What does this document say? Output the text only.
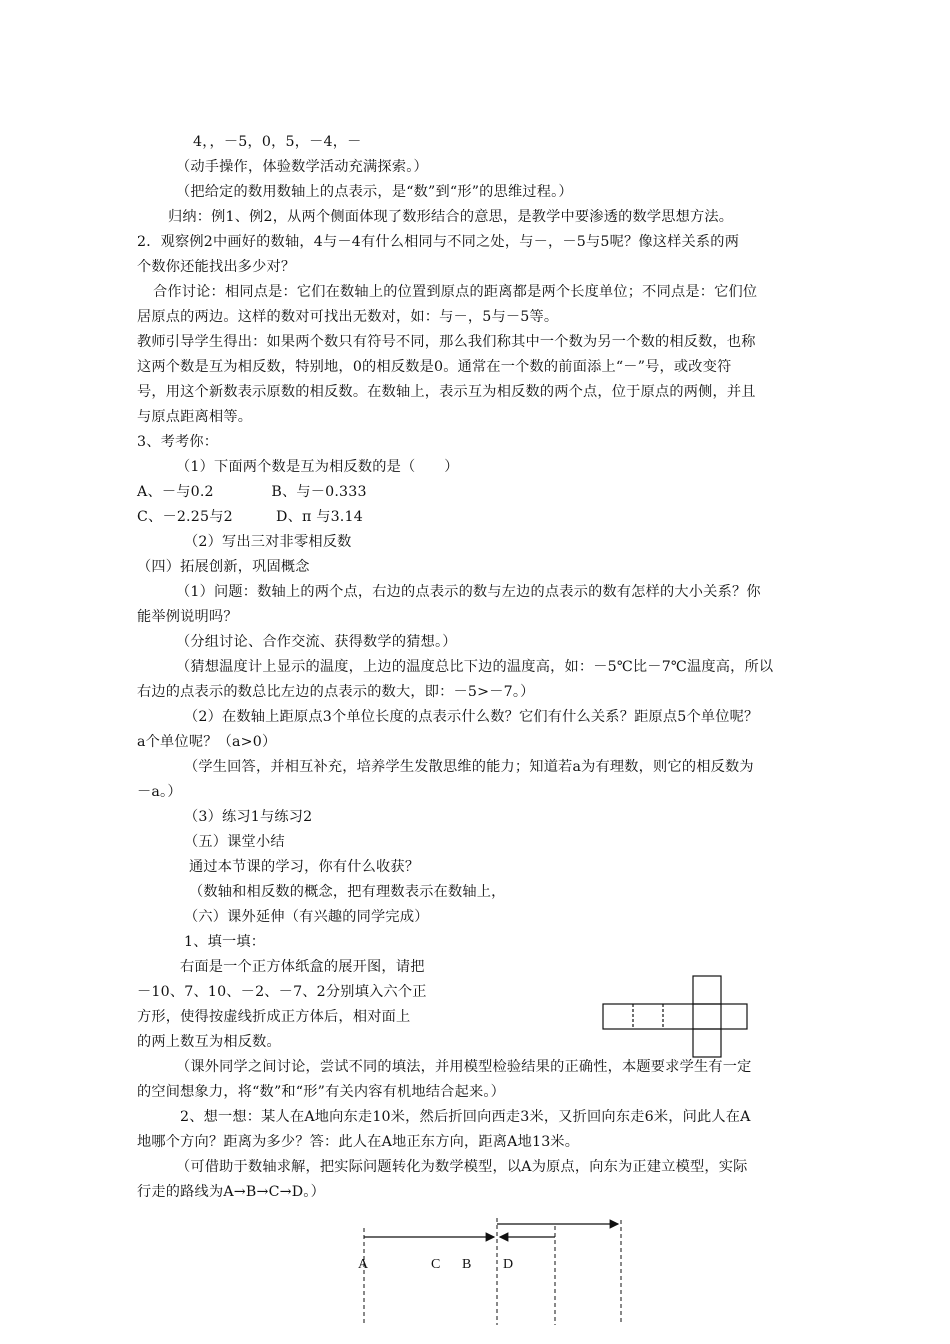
4，，－5，0，5，－4，－
（动手操作，体验数学活动充满探索。）
（把给定的数用数轴上的点表示，是“数”到“形”的思维过程。）
归纳：例1、例2，从两个侧面体现了数形结合的意思，是教学中要渗透的数学思想方法。
2．观察例2中画好的数轴，4与－4有什么相同与不同之处，与－，－5与5呢？像这样关系的两
个数你还能找出多少对？
合作讨论：相同点是：它们在数轴上的位置到原点的距离都是两个长度单位；不同点是：它们位
居原点的两边。这样的数对可找出无数对，如：与－，5与－5等。
教师引导学生得出：如果两个数只有符号不同，那么我们称其中一个数为另一个数的相反数，也称
这两个数是互为相反数，特别地，0的相反数是0。通常在一个数的前面添上“－”号，或改变符
号，用这个新数表示原数的相反数。在数轴上，表示互为相反数的两个点，位于原点的两侧，并且
与原点距离相等。
3、考考你：
（1）下面两个数是互为相反数的是（　　）
A、－与0.2　　　　B、与－0.333
C、－2.25与2　　　D、π 与3.14
（2）写出三对非零相反数
（四）拓展创新，巩固概念
（1）问题：数轴上的两个点，右边的点表示的数与左边的点表示的数有怎样的大小关系？你
能举例说明吗？
（分组讨论、合作交流、获得数学的猜想。）
（猜想温度计上显示的温度，上边的温度总比下边的温度高，如：－5℃比－7℃温度高，所以
右边的点表示的数总比左边的点表示的数大，即：－5>－7。）
（2）在数轴上距原点3个单位长度的点表示什么数？它们有什么关系？距原点5个单位呢？
a个单位呢？（a>0）
（学生回答，并相互补充，培养学生发散思维的能力；知道若a为有理数，则它的相反数为
－a。）
（3）练习1与练习2
（五）课堂小结
通过本节课的学习，你有什么收获？
（数轴和相反数的概念，把有理数表示在数轴上，
（六）课外延伸（有兴趣的同学完成）
1、填一填：
右面是一个正方体纸盒的展开图，请把
－10、7、10、－2、－7、2分别填入六个正
方形，使得按虚线折成正方体后，相对面上
的两上数互为相反数。
（课外同学之间讨论，尝试不同的填法，并用模型检验结果的正确性，本题要求学生有一定
的空间想象力，将“数”和“形”有关内容有机地结合起来。）
2、想一想：某人在A地向东走10米，然后折回向西走3米，又折回向东走6米，问此人在A
地哪个方向？距离为多少？答：此人在A地正东方向，距离A地13米。
（可借助于数轴求解，把实际问题转化为数学模型，以A为原点，向东为正建立模型，实际
行走的路线为A→B→C→D。）
A	C B D
